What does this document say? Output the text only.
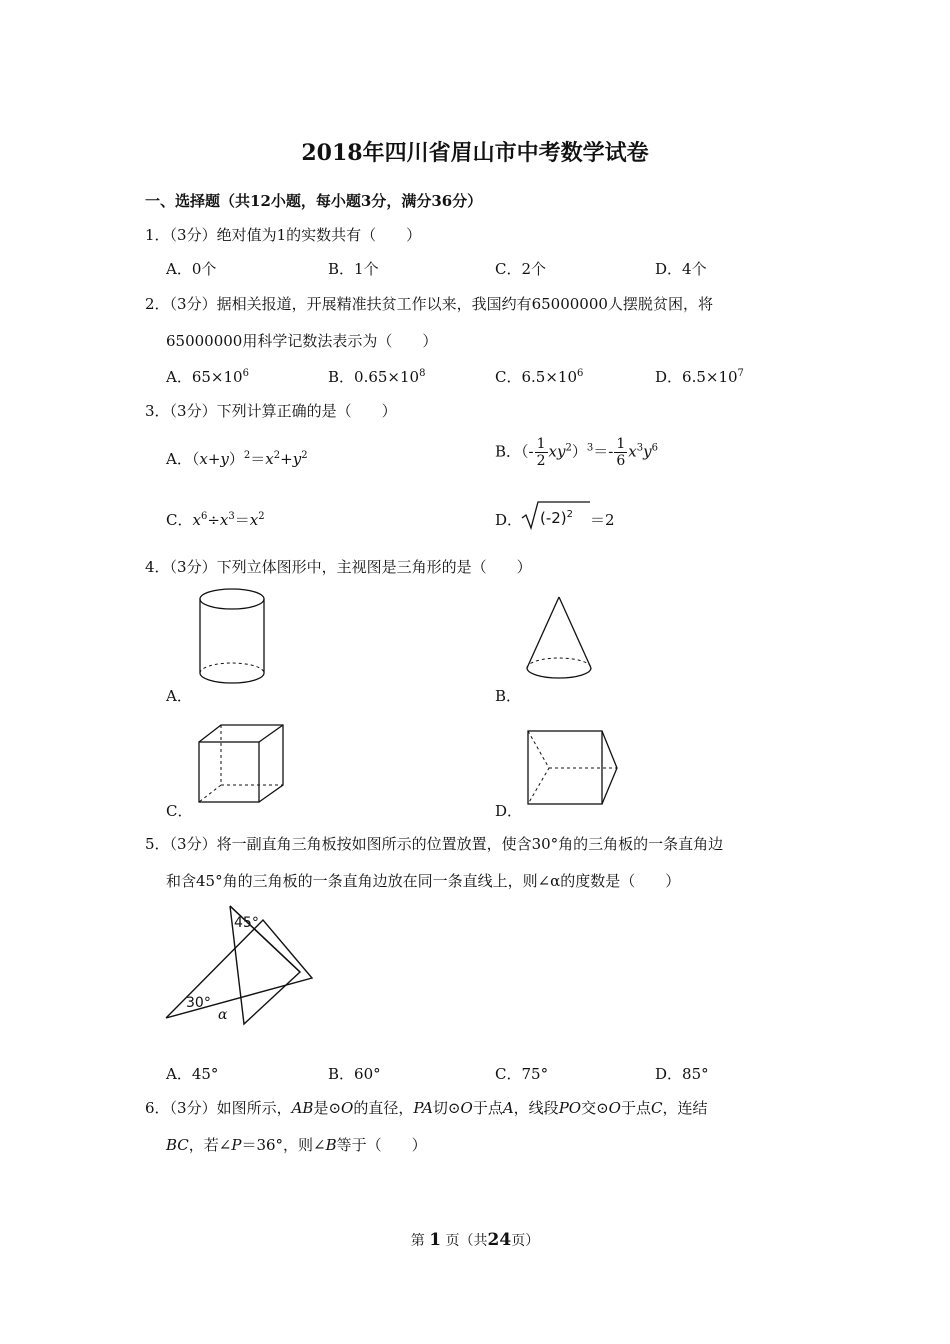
2018年四川省眉山市中考数学试卷
一、选择题（共12小题，每小题3分，满分36分）
1．（3分）绝对值为1的实数共有（　　）
A．0个	B．1个	C．2个	D．4个
2．（3分）据相关报道，开展精准扶贫工作以来，我国约有65000000人摆脱贫困，将
65000000用科学记数法表示为（　　）
A．$65\times 10^6$	B．$0.65\times 10^8$	C．$6.5\times 10^6$	D．$6.5\times 10^7$
3．（3分）下列计算正确的是（　　）
A．$(x+y)^2=x^2+y^2$	B．（- $\frac{1}{2} xy^2)^3=- \frac{1}{6} x^3y^6$
C．$x^6\div x^3=x^2$	D． $(-2)^2 =2$
4．（3分）下列立体图形中，主视图是三角形的是（　　）
A．	B．
C．	D．
5．（3分）将一副直角三角板按如图所示的位置放置，使含30°角的三角板的一条直角边
和含45°角的三角板的一条直角边放在同一条直线上，则∠α的度数是（　　）
45°
30°
α
A．45°	B．60°	C．75°	D．85°
6．（3分）如图所示，AB是⊙O的直径，PA切⊙O于点A，线段PO交⊙O于点C，连结
BC，若∠P＝36°，则∠B等于（　　）
第 1 页（共24页）
